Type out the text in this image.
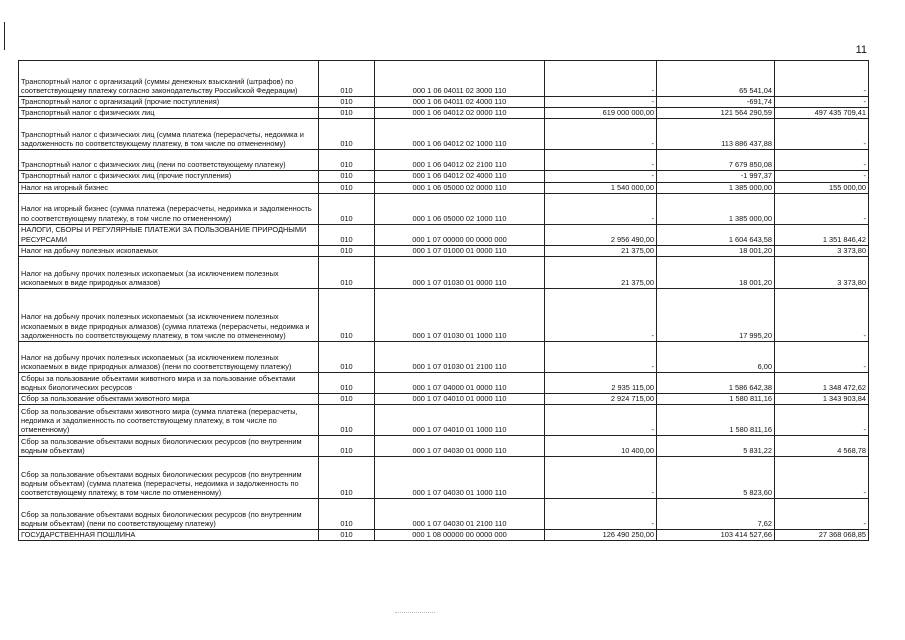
11
Транспортный налог с организаций (суммы денежных взысканий (штрафов) по соответствующему платежу согласно законодательству Российской Федерации)	010	000 1 06 04011 02 3000 110	-	65 541,04	-
Транспортный налог с организаций (прочие поступления)	010	000 1 06 04011 02 4000 110	-	-691,74	-
Транспортный налог с физических лиц	010	000 1 06 04012 02 0000 110	619 000 000,00	121 564 290,59	497 435 709,41
Транспортный налог с физических лиц (сумма платежа (перерасчеты, недоимка и задолженность по соответствующему платежу, в том числе по отмененному)	010	000 1 06 04012 02 1000 110	-	113 886 437,88	-
Транспортный налог с физических лиц (пени по соответствующему платежу)	010	000 1 06 04012 02 2100 110	-	7 679 850,08	-
Транспортный налог с физических лиц (прочие поступления)	010	000 1 06 04012 02 4000 110	-	-1 997,37	-
Налог на игорный бизнес	010	000 1 06 05000 02 0000 110	1 540 000,00	1 385 000,00	155 000,00
Налог на игорный бизнес (сумма платежа (перерасчеты, недоимка и задолженность по соответствующему платежу, в том числе по отмененному)	010	000 1 06 05000 02 1000 110	-	1 385 000,00	-
НАЛОГИ, СБОРЫ И РЕГУЛЯРНЫЕ ПЛАТЕЖИ ЗА ПОЛЬЗОВАНИЕ ПРИРОДНЫМИ РЕСУРСАМИ	010	000 1 07 00000 00 0000 000	2 956 490,00	1 604 643,58	1 351 846,42
Налог на добычу полезных ископаемых	010	000 1 07 01000 01 0000 110	21 375,00	18 001,20	3 373,80
Налог на добычу прочих полезных ископаемых (за исключением полезных ископаемых в виде природных алмазов)	010	000 1 07 01030 01 0000 110	21 375,00	18 001,20	3 373,80
Налог на добычу прочих полезных ископаемых (за исключением полезных ископаемых в виде природных алмазов) (сумма платежа (перерасчеты, недоимка и задолженность по соответствующему платежу, в том числе по отмененному)	010	000 1 07 01030 01 1000 110	-	17 995,20	-
Налог на добычу прочих полезных ископаемых (за исключением полезных ископаемых в виде природных алмазов) (пени по соответствующему платежу)	010	000 1 07 01030 01 2100 110	-	6,00	-
Сборы за пользование объектами животного мира и за пользование объектами водных биологических ресурсов	010	000 1 07 04000 01 0000 110	2 935 115,00	1 586 642,38	1 348 472,62
Сбор за пользование объектами животного мира	010	000 1 07 04010 01 0000 110	2 924 715,00	1 580 811,16	1 343 903,84
Сбор за пользование объектами животного мира (сумма платежа (перерасчеты, недоимка и задолженность по соответствующему платежу, в том числе по отмененному)	010	000 1 07 04010 01 1000 110	-	1 580 811,16	-
Сбор за пользование объектами водных биологических ресурсов (по внутренним водным объектам)	010	000 1 07 04030 01 0000 110	10 400,00	5 831,22	4 568,78
Сбор за пользование объектами водных биологических ресурсов (по внутренним водным объектам) (сумма платежа (перерасчеты, недоимка и задолженность по соответствующему платежу, в том числе по отмененному)	010	000 1 07 04030 01 1000 110	-	5 823,60	-
Сбор за пользование объектами водных биологических ресурсов (по внутренним водным объектам) (пени по соответствующему платежу)	010	000 1 07 04030 01 2100 110	-	7,62	-
ГОСУДАРСТВЕННАЯ ПОШЛИНА	010	000 1 08 00000 00 0000 000	126 490 250,00	103 414 527,66	27 368 068,85
